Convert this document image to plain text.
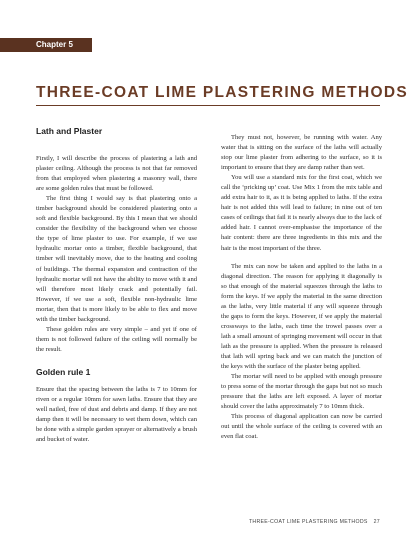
Chapter 5
THREE-COAT LIME PLASTERING METHODS
Lath and Plaster

Firstly, I will describe the process of plastering a lath and plaster ceiling. Although the process is not that far removed from that employed when plastering a masonry wall, there are some golden rules that must be followed.

The first thing I would say is that plastering onto a timber background should be considered plastering onto a soft and flexible background. By this I mean that we should consider the flexibility of the background when we choose the type of lime plaster to use. For example, if we use hydraulic mortar onto a timber, flexible background, that timber will inevitably move, due to the heating and cooling of buildings. The thermal expansion and contraction of the hydraulic mortar will not have the ability to move with it and will therefore most likely crack and potentially fail. However, if we use a soft, flexible non-hydraulic lime mortar, then that is more likely to be able to flex and move with the timber background.

These golden rules are very simple – and yet if one of them is not followed failure of the ceiling will normally be the result.

Golden rule 1

Ensure that the spacing between the laths is 7 to 10mm for riven or a regular 10mm for sawn laths. Ensure that they are well nailed, free of dust and debris and damp. If they are not damp then it will be necessary to wet them down, which can be done with a simple garden sprayer or alternatively a brush and bucket of water.

They must not, however, be running with water. Any water that is sitting on the surface of the laths will actually stop our lime plaster from adhering to the surface, so it is important to ensure that they are damp rather than wet.

You will use a standard mix for the first coat, which we call the ‘pricking up’ coat. Use Mix 1 from the mix table and add extra hair to it, as it is being applied to laths. If the extra hair is not added this will lead to failure; in nine out of ten cases of ceilings that fail it is nearly always due to the lack of added hair. I cannot over-emphasise the importance of the hair content: there are three ingredients in this mix and the hair is the most important of the three.

The mix can now be taken and applied to the laths in a diagonal direction. The reason for applying it diagonally is so that enough of the material squeezes through the laths to form the keys. If we apply the material in the same direction as the laths, very little material if any will squeeze through the gaps to form the keys. However, if we apply the material crossways to the laths, each time the trowel passes over a lath a small amount of springing movement will occur in that lath as the pressure is applied. When the pressure is released that lath will spring back and we can match the junction of the keys with the surface of the plaster being applied.

The mortar will need to be applied with enough pressure to press some of the mortar through the gaps but not so much pressure that the laths are left exposed. A layer of mortar should cover the laths approximately 7 to 10mm thick.

This process of diagonal application can now be carried out until the whole surface of the ceiling is covered with an even flat coat.

THREE-COAT LIME PLASTERING METHODS 27
